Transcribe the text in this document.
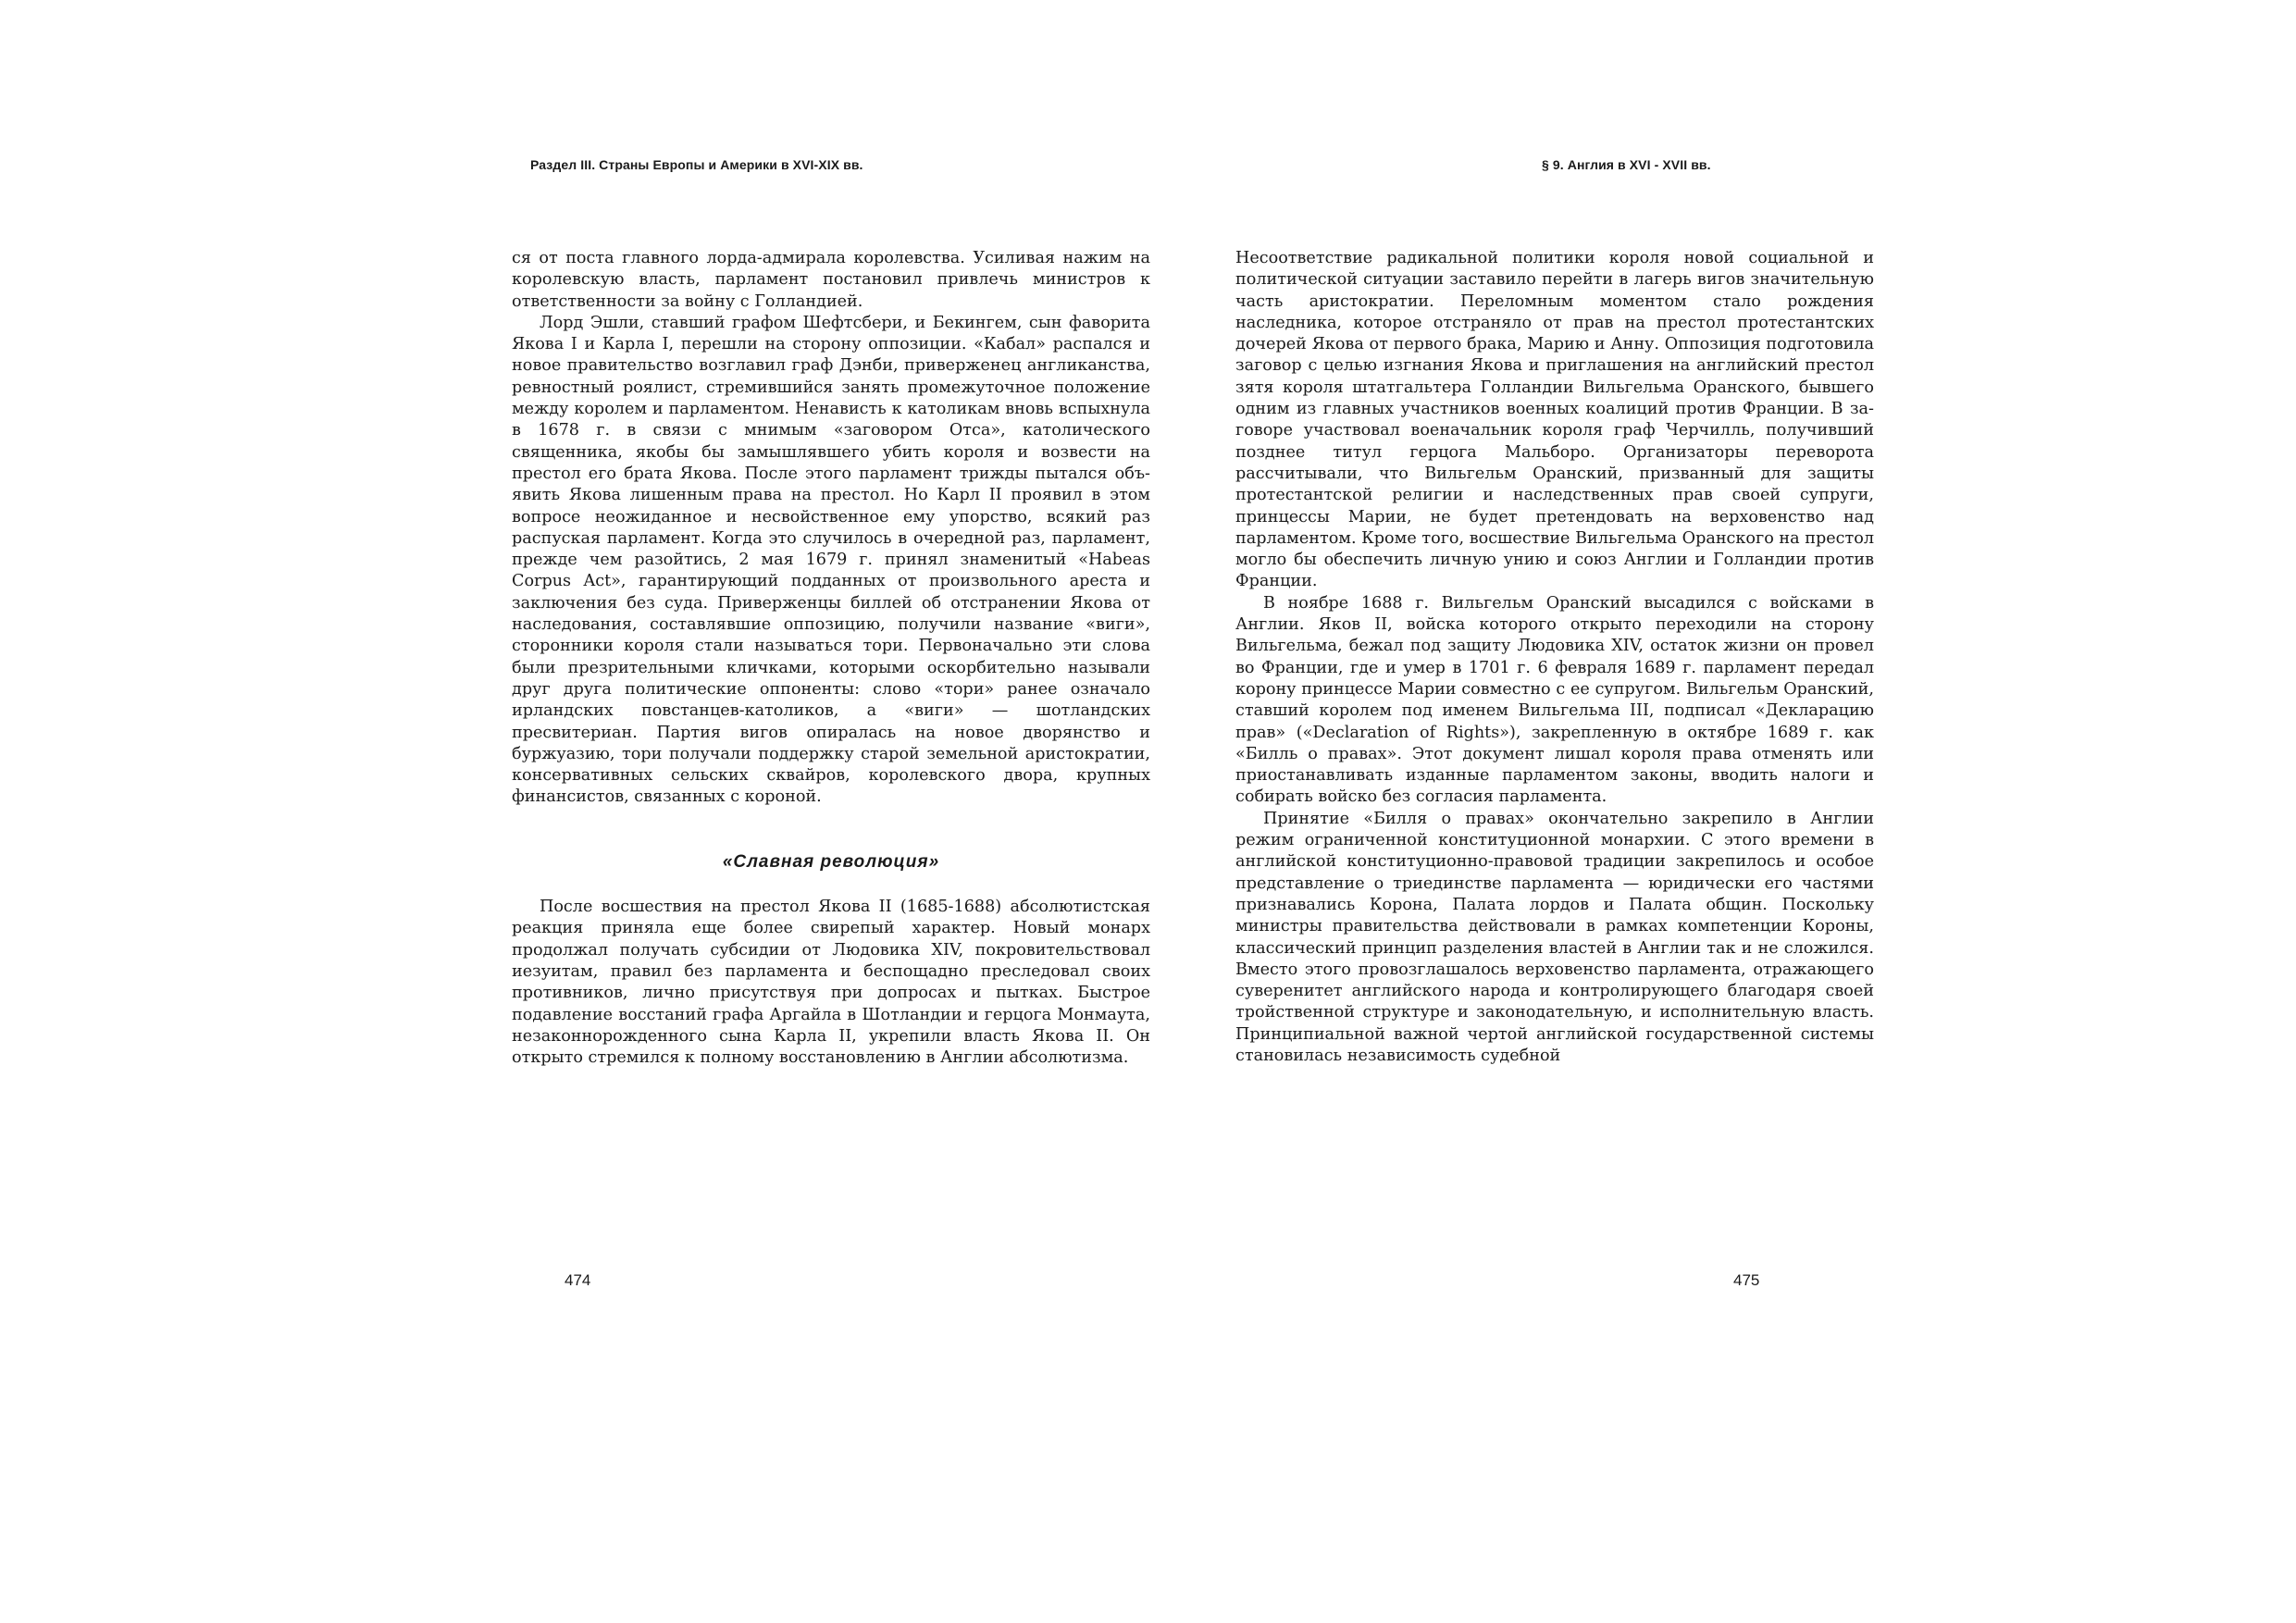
Раздел III. Страны Европы и Америки в XVI-XIX вв.

ся от поста главного лорда-адмирала королевства. Усиливая нажим на королевскую власть, парламент постановил привлечь министров к ответственности за войну с Голландией.

Лорд Эшли, ставший графом Шефтсбери, и Бекингем, сын фаворита Якова I и Карла I, перешли на сторону оппозиции. «Кабал» распался и новое правительство возглавил граф Дэнби, приверженец англиканства, ревностный роялист, стремившийся занять промежуточное положение между королем и парламентом. Ненависть к католикам вновь вспыхнула в 1678 г. в связи с мнимым «заговором Отса», католического священника, якобы бы замышлявшего убить короля и возвести на престол его брата Якова. После этого парламент трижды пытался объявить Якова лишенным права на престол. Но Карл II проявил в этом вопросе неожиданное и несвойственное ему упорство, всякий раз распуская парламент. Когда это случилось в очередной раз, парламент, прежде чем разойтись, 2 мая 1679 г. принял знаменитый «Habeas Corpus Act», гарантирующий подданных от произвольного ареста и заключения без суда. Приверженцы биллей об отстранении Якова от наследования, составлявшие оппозицию, получили название «виги», сторонники короля стали называться тори. Первоначально эти слова были презрительными кличками, которыми оскорбительно называли друг друга политические оппоненты: слово «тори» ранее означало ирландских повстанцев-католиков, а «виги» — шотландских пресвитериан. Партия вигов опиралась на новое дворянство и буржуазию, тори получали поддержку старой земельной аристократии, консервативных сельских сквайров, королевского двора, крупных финансистов, связанных с короной.

«Славная революция»

После восшествия на престол Якова II (1685-1688) абсолютистская реакция приняла еще более свирепый характер. Новый монарх продолжал получать субсидии от Людовика XIV, покровительствовал иезуитам, правил без парламента и беспощадно преследовал своих противников, лично присутствуя при допросах и пытках. Быстрое подавление восстаний графа Аргайла в Шотландии и герцога Монмаута, незаконнорожденного сына Карла II, укрепили власть Якова II. Он открыто стремился к полному восстановлению в Англии абсолютизма.

474
§ 9. Англия в XVI - XVII вв.

Несоответствие радикальной политики короля новой социальной и политической ситуации заставило перейти в лагерь вигов значительную часть аристократии. Переломным моментом стало рождения наследника, которое отстраняло от прав на престол протестантских дочерей Якова от первого брака, Марию и Анну. Оппозиция подготовила заговор с целью изгнания Якова и приглашения на английский престол зятя короля штатгальтера Голландии Вильгельма Оранского, бывшего одним из главных участников военных коалиций против Франции. В заговоре участвовал военачальник короля граф Черчилль, получивший позднее титул герцога Мальборо. Организаторы переворота рассчитывали, что Вильгельм Оранский, призванный для защиты протестантской религии и наследственных прав своей супруги, принцессы Марии, не будет претендовать на верховенство над парламентом. Кроме того, восшествие Вильгельма Оранского на престол могло бы обеспечить личную унию и союз Англии и Голландии против Франции.

В ноябре 1688 г. Вильгельм Оранский высадился с войсками в Англии. Яков II, войска которого открыто переходили на сторону Вильгельма, бежал под защиту Людовика XIV, остаток жизни он провел во Франции, где и умер в 1701 г. 6 февраля 1689 г. парламент передал корону принцессе Марии совместно с ее супругом. Вильгельм Оранский, ставший королем под именем Вильгельма III, подписал «Декларацию прав» («Declaration of Rights»), закрепленную в октябре 1689 г. как «Билль о правах». Этот документ лишал короля права отменять или приостанавливать изданные парламентом законы, вводить налоги и собирать войско без согласия парламента.

Принятие «Билля о правах» окончательно закрепило в Англии режим ограниченной конституционной монархии. С этого времени в английской конституционно-правовой традиции закрепилось и особое представление о триединстве парламента — юридически его частями признавались Корона, Палата лордов и Палата общин. Поскольку министры правительства действовали в рамках компетенции Короны, классический принцип разделения властей в Англии так и не сложился. Вместо этого провозглашалось верховенство парламента, отражающего суверенитет английского народа и контролирующего благодаря своей тройственной структуре и законодательную, и исполнительную власть. Принципиальной важной чертой английской государственной системы становилась независимость судебной

475
